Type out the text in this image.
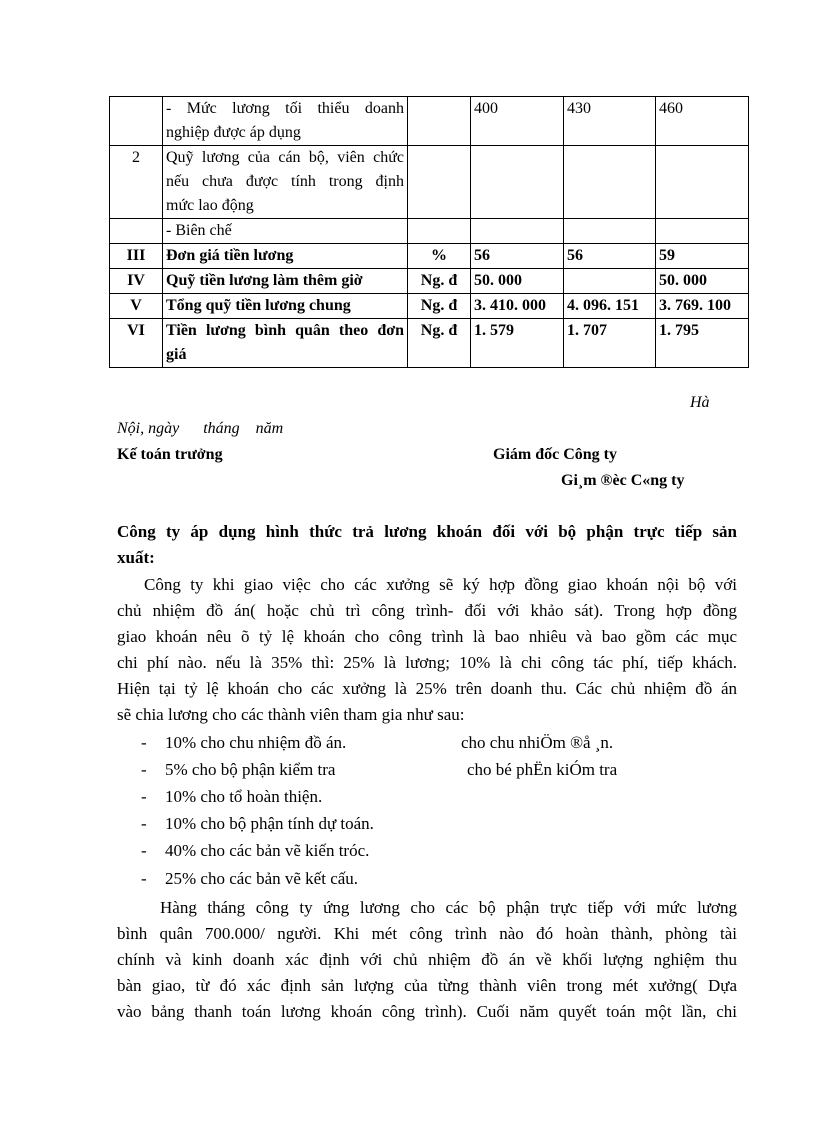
	- Mức lương tối thiểu doanh
nghiệp được áp dụng		400	430	460
2	Quỹ lương của cán bộ, viên chức
nếu chưa được tính trong định
mức lao động				

	- Biên chế				

III	Đơn giá tiền lương	%	56	56	59
IV	Quỹ tiền lương làm thêm giờ	Ng. đ	50. 000		50. 000
V	Tổng quỹ tiền lương chung	Ng. đ	3. 410. 000	4. 096. 151	3. 769. 100
VI	Tiền lương bình quân theo đơn
giá	Ng. đ	1. 579	1. 707	1. 795
Hà
Nội, ngày      tháng    năm
Kế toán trưởng	Giám đốc Công ty
Gi¸m ®èc C«ng ty
Công ty áp dụng hình thức trả lương khoán đối với bộ phận trực tiếp sản
xuất:
Công ty khi giao việc cho các xưởng sẽ ký hợp đồng giao khoán nội bộ với
chủ nhiệm đồ án( hoặc chủ trì công trình- đối với khảo sát). Trong hợp đồng
giao khoán nêu õ tỷ lệ khoán cho công trình là bao nhiêu và bao gồm các mục
chi phí nào. nếu là 35% thì: 25% là lương; 10% là chi công tác phí, tiếp khách.
Hiện tại tỷ lệ khoán cho các xưởng là 25% trên doanh thu. Các chủ nhiệm đồ án
sẽ chia lương cho các thành viên tham gia như sau:
- 10% cho chu nhiệm đồ án.	cho chu nhiÖm ®å ¸n.
- 5% cho bộ phận kiểm tra	cho bé phËn kiÓm tra
- 10% cho tổ hoàn thiện.
- 10% cho bộ phận tính dự toán.
- 40% cho các bản vẽ kiến tróc.
- 25% cho các bản vẽ kết cấu.
Hàng tháng công ty ứng lương cho các bộ phận trực tiếp với mức lương
bình quân 700.000/ người. Khi mét công trình nào đó hoàn thành, phòng tài
chính và kinh doanh xác định với chủ nhiệm đồ án về khối lượng nghiệm thu
bàn giao, từ đó xác định sản lượng của từng thành viên trong mét xưởng( Dựa
vào bảng thanh toán lương khoán công trình). Cuối năm quyết toán một lần, chi
